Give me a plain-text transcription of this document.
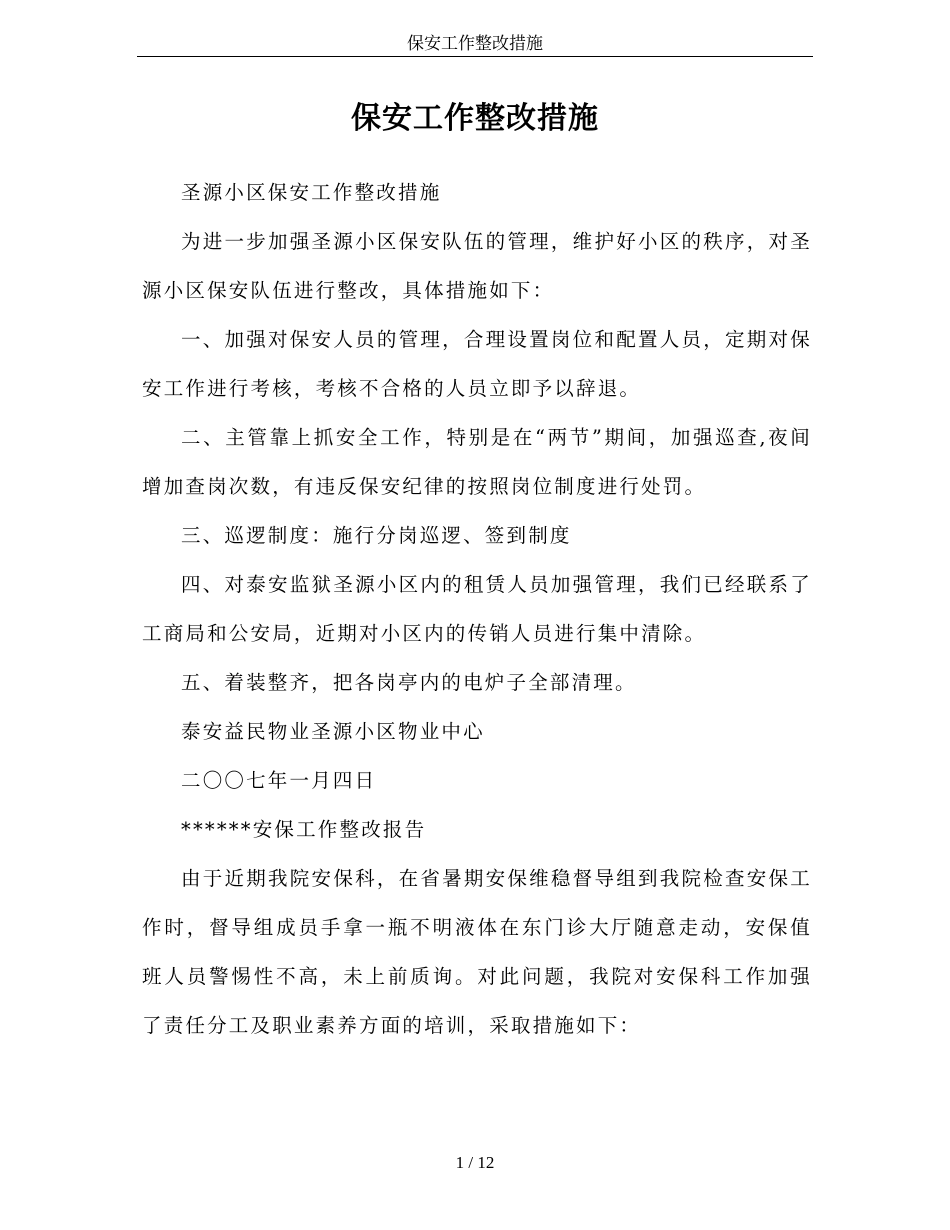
保安工作整改措施
保安工作整改措施

圣源小区保安工作整改措施

为进一步加强圣源小区保安队伍的管理，维护好小区的秩序，对圣源小区保安队伍进行整改，具体措施如下：

一、加强对保安人员的管理，合理设置岗位和配置人员，定期对保安工作进行考核，考核不合格的人员立即予以辞退。

二、主管靠上抓安全工作，特别是在“两节”期间，加强巡查,夜间增加查岗次数，有违反保安纪律的按照岗位制度进行处罚。

三、巡逻制度：施行分岗巡逻、签到制度

四、对泰安监狱圣源小区内的租赁人员加强管理，我们已经联系了工商局和公安局，近期对小区内的传销人员进行集中清除。

五、着装整齐，把各岗亭内的电炉子全部清理。

泰安益民物业圣源小区物业中心

二〇〇七年一月四日

******安保工作整改报告

由于近期我院安保科，在省暑期安保维稳督导组到我院检查安保工作时，督导组成员手拿一瓶不明液体在东门诊大厅随意走动，安保值班人员警惕性不高，未上前质询。对此问题，我院对安保科工作加强了责任分工及职业素养方面的培训，采取措施如下：

1 / 12
